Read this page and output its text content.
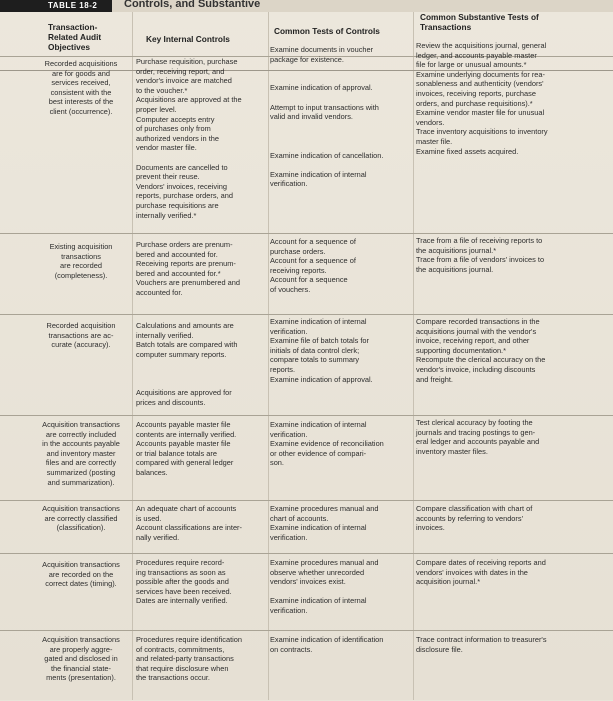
TABLE 18-2	Controls, and Substantive
Transaction-
Related Audit
Objectives
Key Internal Controls
Common Tests of Controls
Common Substantive Tests of
Transactions
Recorded acquisitions
are for goods and
services received,
consistent with the
best interests of the
client (occurrence).
Purchase requisition, purchase
order, receiving report, and
vendor's invoice are matched
to the voucher.*
Acquisitions are approved at the
proper level.
Computer accepts entry
of purchases only from
authorized vendors in the
vendor master file.

Documents are cancelled to
prevent their reuse.
Vendors' invoices, receiving
reports, purchase orders, and
purchase requisitions are
internally verified.*
Examine documents in voucher
package for existence.

Examine indication of approval.

Attempt to input transactions with
valid and invalid vendors.

Examine indication of cancellation.

Examine indication of internal
verification.
Review the acquisitions journal, general
ledger, and accounts payable master
file for large or unusual amounts.*
Examine underlying documents for rea-
sonableness and authenticity (vendors'
invoices, receiving reports, purchase
orders, and purchase requisitions).*
Examine vendor master file for unusual
vendors.
Trace inventory acquisitions to inventory
master file.
Examine fixed assets acquired.
Existing acquisition
transactions
are recorded
(completeness).
Purchase orders are prenum-
bered and accounted for.
Receiving reports are prenum-
bered and accounted for.*
Vouchers are prenumbered and
accounted for.
Account for a sequence of
purchase orders.
Account for a sequence of
receiving reports.
Account for a sequence
of vouchers.
Trace from a file of receiving reports to
the acquisitions journal.*
Trace from a file of vendors' invoices to
the acquisitions journal.
Recorded acquisition
transactions are ac-
curate (accuracy).
Calculations and amounts are
internally verified.
Batch totals are compared with
computer summary reports.

Acquisitions are approved for
prices and discounts.
Examine indication of internal
verification.
Examine file of batch totals for
initials of data control clerk;
compare totals to summary
reports.
Examine indication of approval.
Compare recorded transactions in the
acquisitions journal with the vendor's
invoice, receiving report, and other
supporting documentation.*
Recompute the clerical accuracy on the
vendor's invoice, including discounts
and freight.
Acquisition transactions
are correctly included
in the accounts payable
and inventory master
files and are correctly
summarized (posting
and summarization).
Accounts payable master file
contents are internally verified.
Accounts payable master file
or trial balance totals are
compared with general ledger
balances.
Examine indication of internal
verification.
Examine evidence of reconciliation
or other evidence of compari-
son.
Test clerical accuracy by footing the
journals and tracing postings to gen-
eral ledger and accounts payable and
inventory master files.
Acquisition transactions
are correctly classified
(classification).
An adequate chart of accounts
is used.
Account classifications are inter-
nally verified.
Examine procedures manual and
chart of accounts.
Examine indication of internal
verification.
Compare classification with chart of
accounts by referring to vendors'
invoices.
Acquisition transactions
are recorded on the
correct dates (timing).
Procedures require record-
ing transactions as soon as
possible after the goods and
services have been received.
Dates are internally verified.
Examine procedures manual and
observe whether unrecorded
vendors' invoices exist.

Examine indication of internal
verification.
Compare dates of receiving reports and
vendors' invoices with dates in the
acquisition journal.*
Acquisition transactions
are properly aggre-
gated and disclosed in
the financial state-
ments (presentation).
Procedures require identification
of contracts, commitments,
and related-party transactions
that require disclosure when
the transactions occur.
Examine indication of identification
on contracts.
Trace contract information to treasurer's
disclosure file.
